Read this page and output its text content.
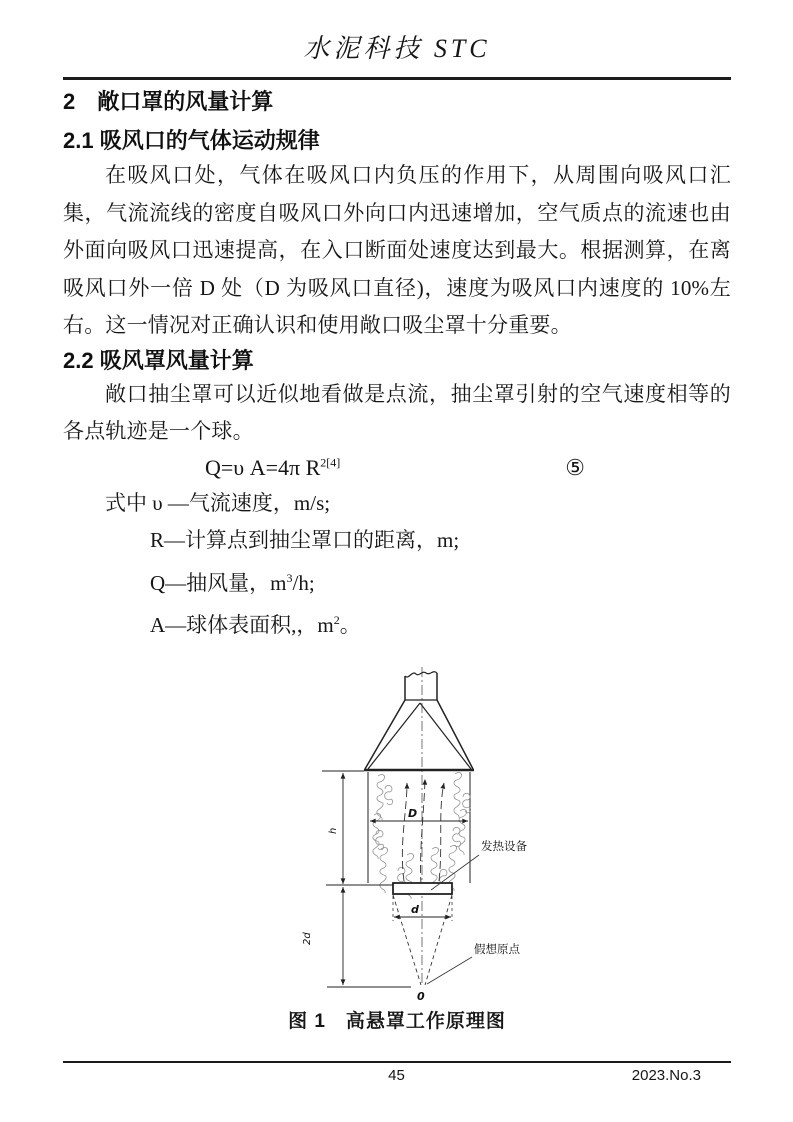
水泥科技 STC
2　敞口罩的风量计算
2.1 吸风口的气体运动规律

在吸风口处，气体在吸风口内负压的作用下，从周围向吸风口汇集，气流流线的密度自吸风口外向口内迅速增加，空气质点的流速也由外面向吸风口迅速提高，在入口断面处速度达到最大。根据测算，在离吸风口外一倍 D 处（D 为吸风口直径)，速度为吸风口内速度的 10%左右。这一情况对正确认识和使用敞口吸尘罩十分重要。

2.2 吸风罩风量计算

敞口抽尘罩可以近似地看做是点流，抽尘罩引射的空气速度相等的各点轨迹是一个球。

Q=υ A=4π $R^{2[4]}$	⑤
式中 υ —气流速度，m/s;
R—计算点到抽尘罩口的距离，m;
Q—抽风量，$m^3/h$;
A—球体表面积,，$m^2$。
D
h
2d
d
发热设备
假想原点
0
图 1　高悬罩工作原理图
45	2023.No.3
